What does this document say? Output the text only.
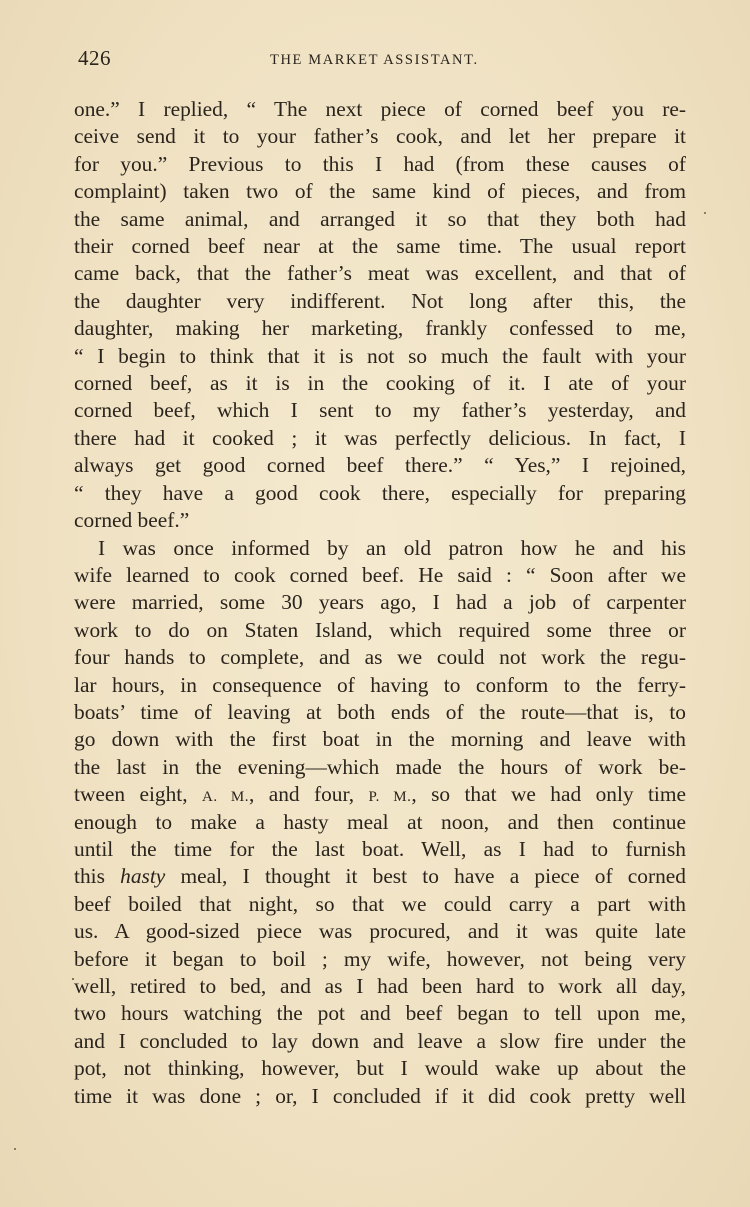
426	THE MARKET ASSISTANT.
one.” I replied, “ The next piece of corned beef you re-
ceive send it to your father’s cook, and let her prepare it
for you.” Previous to this I had (from these causes of
complaint) taken two of the same kind of pieces, and from
the same animal, and arranged it so that they both had
their corned beef near at the same time. The usual report
came back, that the father’s meat was excellent, and that of
the daughter very indifferent. Not long after this, the
daughter, making her marketing, frankly confessed to me,
“ I begin to think that it is not so much the fault with your
corned beef, as it is in the cooking of it. I ate of your
corned beef, which I sent to my father’s yesterday, and
there had it cooked ; it was perfectly delicious. In fact, I
always get good corned beef there.” “ Yes,” I rejoined,
“ they have a good cook there, especially for preparing
corned beef.”
I was once informed by an old patron how he and his
wife learned to cook corned beef. He said : “ Soon after we
were married, some 30 years ago, I had a job of carpenter
work to do on Staten Island, which required some three or
four hands to complete, and as we could not work the regu-
lar hours, in consequence of having to conform to the ferry-
boats’ time of leaving at both ends of the route—that is, to
go down with the first boat in the morning and leave with
the last in the evening—which made the hours of work be-
tween eight, A. M., and four, P. M., so that we had only time
enough to make a hasty meal at noon, and then continue
until the time for the last boat. Well, as I had to furnish
this hasty meal, I thought it best to have a piece of corned
beef boiled that night, so that we could carry a part with
us. A good-sized piece was procured, and it was quite late
before it began to boil ; my wife, however, not being very
well, retired to bed, and as I had been hard to work all day,
two hours watching the pot and beef began to tell upon me,
and I concluded to lay down and leave a slow fire under the
pot, not thinking, however, but I would wake up about the
time it was done ; or, I concluded if it did cook pretty well
